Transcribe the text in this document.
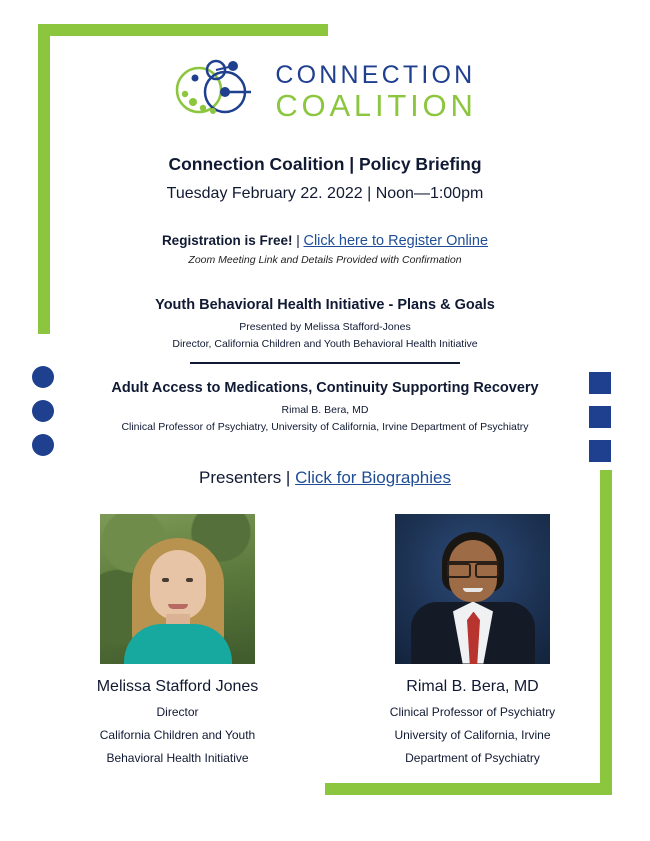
CONNECTION
COALITION
Connection Coalition | Policy Briefing
Tuesday February 22. 2022 | Noon—1:00pm
Registration is Free! | Click here to Register Online
Zoom Meeting Link and Details Provided with Confirmation
Youth Behavioral Health Initiative - Plans & Goals
Presented by Melissa Stafford-Jones
Director, California Children and Youth Behavioral Health Initiative
Adult Access to Medications, Continuity Supporting Recovery
Rimal B. Bera, MD
Clinical Professor of Psychiatry, University of California, Irvine Department of Psychiatry
Presenters | Click for Biographies
Melissa Stafford Jones
Director
California Children and Youth
Behavioral Health Initiative
Rimal B. Bera, MD
Clinical Professor of Psychiatry
University of California, Irvine
Department of Psychiatry
